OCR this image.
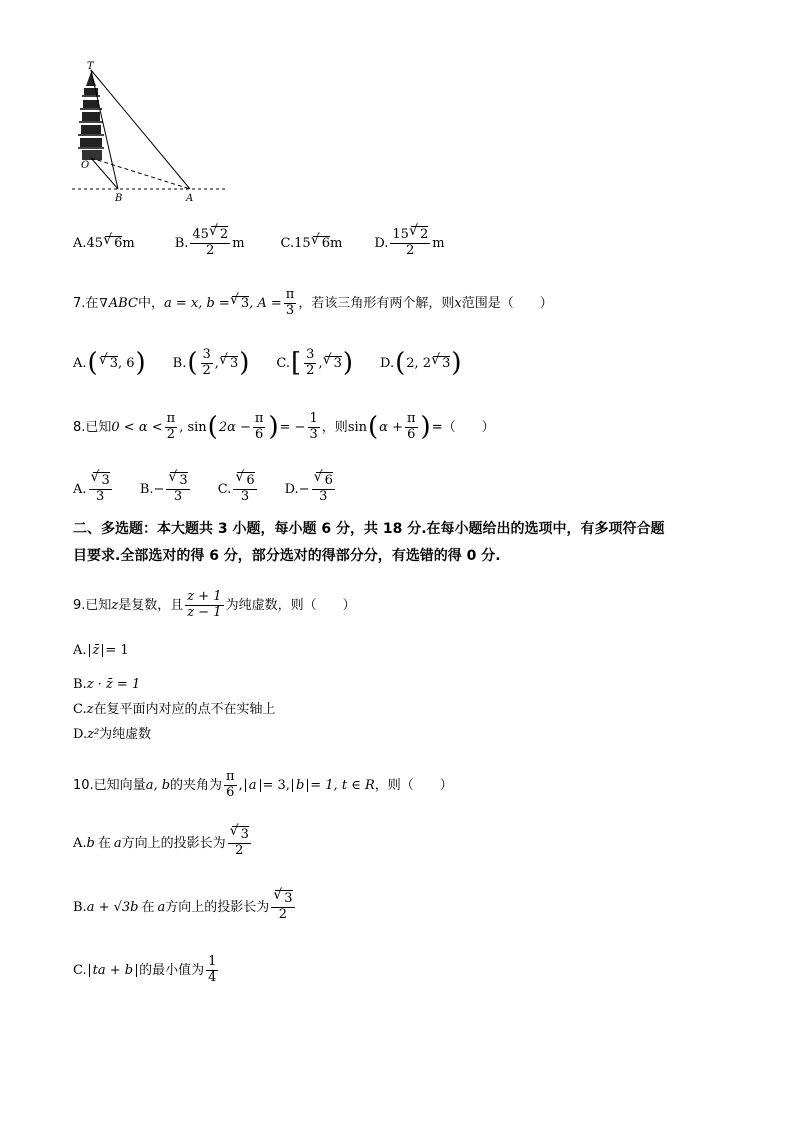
T
O
B	A
A. 45 √ 6 m	B. $\frac{45 √ 2}{2}$ m	C. 15 √ 6 m D. $\frac{15 √ 2}{2}$ m
7.在 ∇ ABC 中， a = x, b = √ 3 , $A = \frac{\pi}{3}$ ，若该三角形有两个解，则 x 范围是（　　）
A. ( √ 3 , 6 ) B. ( $\frac{3}{2}$ , √ 3 ) C. [ $\frac{3}{2}$ , √ 3 ) D. ( 2, 2 √ 3 )
8.已知 $0 < \alpha < \frac{\pi}{2}$ , sin ( $2\alpha - \frac{\pi}{6}$ ) = − $\frac{1}{3}$ ，则 sin ( $\alpha + \frac{\pi}{6}$ ) =（　　）
A. √ $\frac{3}{3} B$. − √ $\frac{3}{3} C$. √ $\frac{6}{3} D$. − √ $\frac{6}{3}$
二、多选题：本大题共 3 小题，每小题 6 分，共 18 分.在每小题给出的选项中，有多项符合题
目要求.全部选对的得 6 分，部分选对的得部分分，有选错的得 0 分.
9.已知 z 是复数，且 $\frac{z + 1}{z - 1}$ 为纯虚数，则（　　）
A. z̄ = 1
B. z · z̄ = 1
C. z 在复平面内对应的点不在实轴上
D. z² 为纯虚数
10.已知向量 a, b 的夹角为 $\frac{\pi}{6}$ , a = 3, b = 1, t ∈ R ，则（　　）
A. b 在 a 方向上的投影长为 √ $\frac{3}{2}$
B. a + √3b 在 a 方向上的投影长为 √ $\frac{3}{2}$
C. ta + b 的最小值为 $\frac{1}{4}$
